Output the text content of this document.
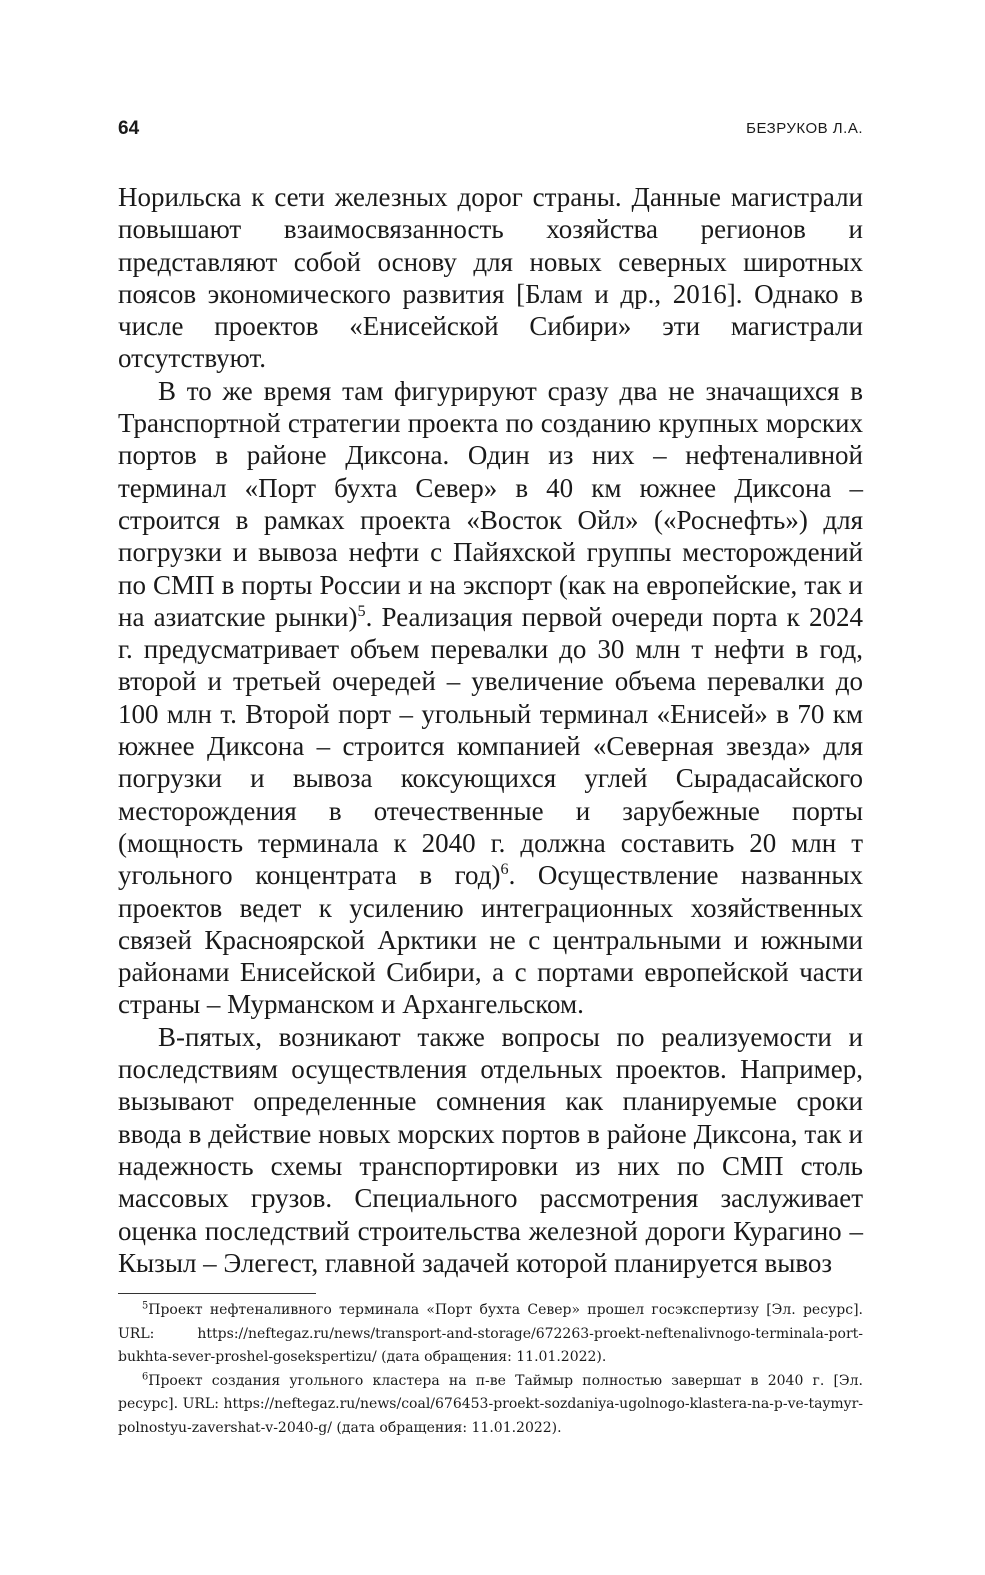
64	БЕЗРУКОВ Л.А.

Норильска к сети железных дорог страны. Данные магистрали повышают взаимосвязанность хозяйства регионов и представляют собой основу для новых северных широтных поясов экономического развития [Блам и др., 2016]. Однако в числе проектов «Енисейской Сибири» эти магистрали отсутствуют.

В то же время там фигурируют сразу два не значащихся в Транспортной стратегии проекта по созданию крупных морских портов в районе Диксона. Один из них – нефтеналивной терминал «Порт бухта Север» в 40 км южнее Диксона – строится в рамках проекта «Восток Ойл» («Роснефть») для погрузки и вывоза нефти с Пайяхской группы месторождений по СМП в порты России и на экспорт (как на европейские, так и на азиатские рынки)$^5$. Реализация первой очереди порта к 2024 г. предусматривает объем перевалки до 30 млн т нефти в год, второй и третьей очередей – увеличение объема перевалки до 100 млн т. Второй порт – угольный терминал «Енисей» в 70 км южнее Диксона – строится компанией «Северная звезда» для погрузки и вывоза коксующихся углей Сырадасайского месторождения в отечественные и зарубежные порты (мощность терминала к 2040 г. должна составить 20 млн т угольного концентрата в год)$^6$. Осуществление названных проектов ведет к усилению интеграционных хозяйственных связей Красноярской Арктики не с центральными и южными районами Енисейской Сибири, а с портами европейской части страны – Мурманском и Архангельском.

В-пятых, возникают также вопросы по реализуемости и последствиям осуществления отдельных проектов. Например, вызывают определенные сомнения как планируемые сроки ввода в действие новых морских портов в районе Диксона, так и надежность схемы транспортировки из них по СМП столь массовых грузов. Специального рассмотрения заслуживает оценка последствий строительства железной дороги Курагино – Кызыл – Элегест, главной задачей которой планируется вывоз

$^5$Проект нефтеналивного терминала «Порт бухта Север» прошел госэкспертизу [Эл. ресурс]. URL: https://neftegaz.ru/news/transport-and-storage/672263-proekt-neftenalivnogo-terminala-port-bukhta-sever-proshel-gosekspertizu/ (дата обращения: 11.01.2022).

$^6$Проект создания угольного кластера на п-ве Таймыр полностью завершат в 2040 г. [Эл. ресурс]. URL: https://neftegaz.ru/news/coal/676453-proekt-sozdaniya-ugolnogo-klastera-na-p-ve-taymyr-polnostyu-zavershat-v-2040-g/ (дата обращения: 11.01.2022).
